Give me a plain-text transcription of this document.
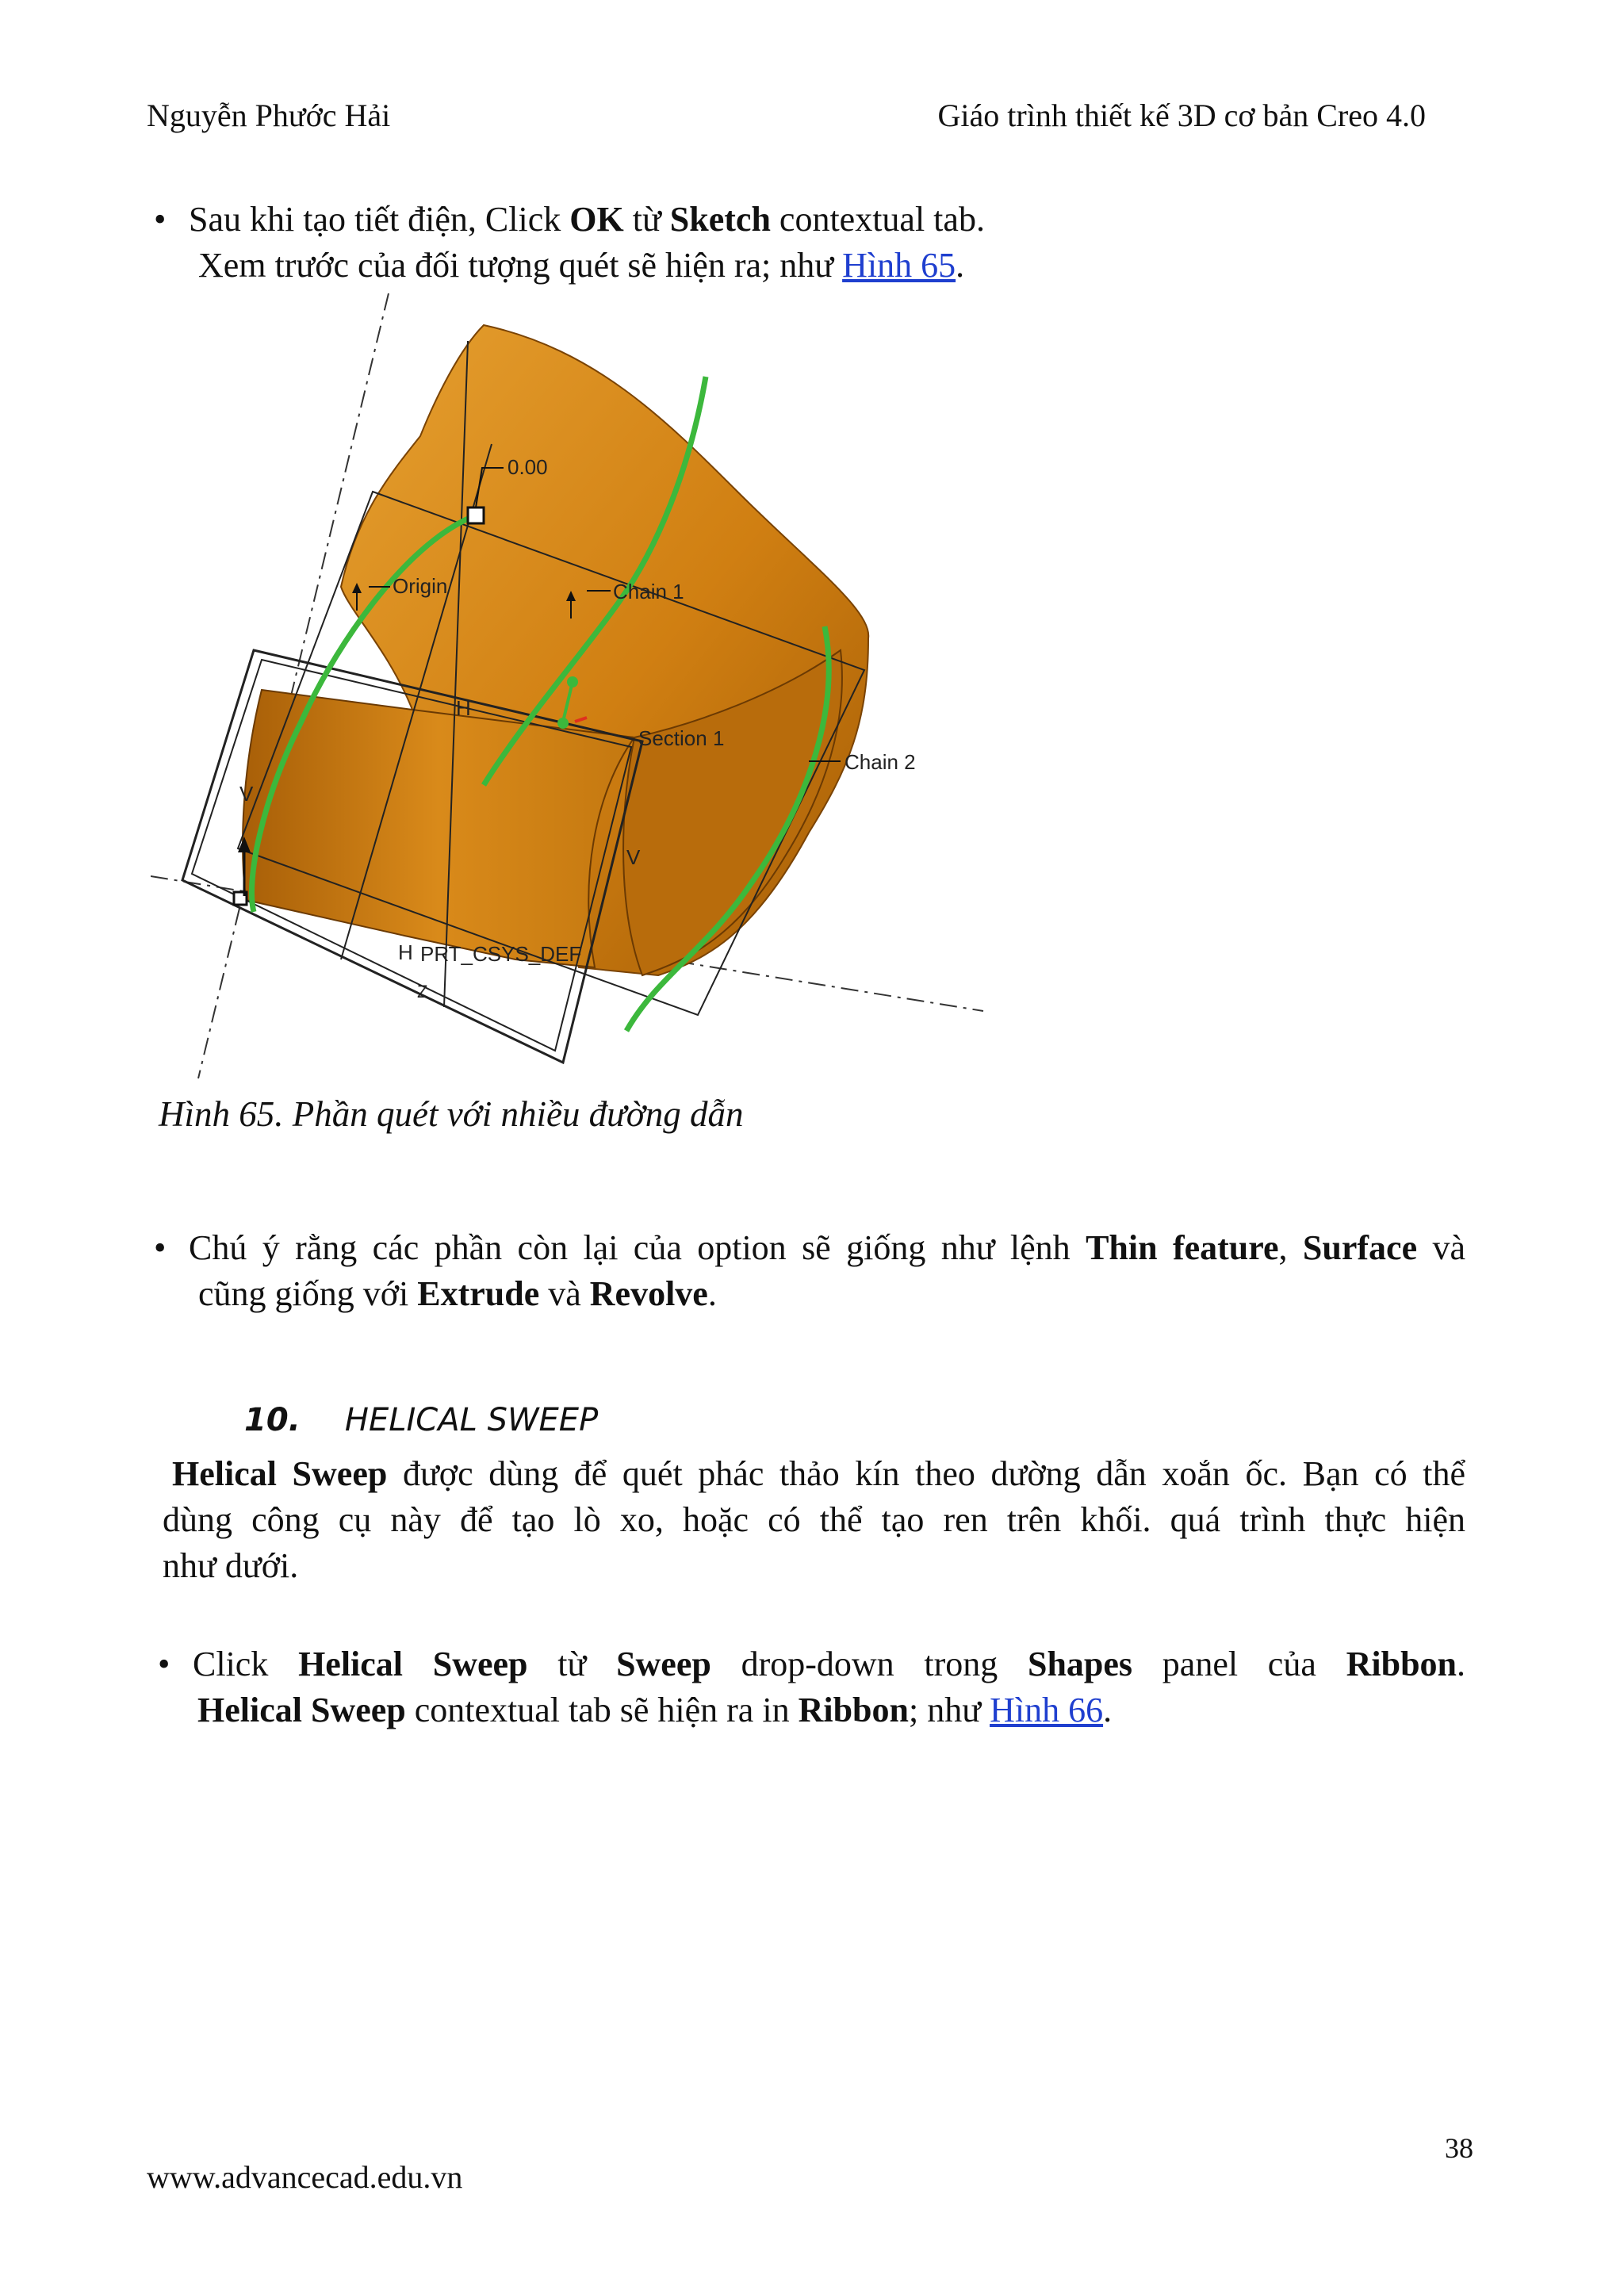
Nguyễn Phước Hải	Giáo trình thiết kế 3D cơ bản Creo 4.0
• Sau khi tạo tiết điện, Click OK từ Sketch contextual tab.
Xem trước của đối tượng quét sẽ hiện ra; như Hình 65.
0.00
Origin	Chain 1
Chain 2
Section 1
H
H
V
V
PRT_CSYS_DEF
Z
Hình 65. Phần quét với nhiều đường dẫn
• Chú ý rằng các phần còn lại của option sẽ giống như lệnh Thin feature, Surface và
cũng giống với Extrude và Revolve.
10. HELICAL SWEEP
Helical Sweep được dùng để quét phác thảo kín theo dường dẫn xoắn ốc. Bạn có thể
dùng công cụ này để tạo lò xo, hoặc có thể tạo ren trên khối. quá trình thực hiện
như dưới.
• Click Helical Sweep từ Sweep drop-down trong Shapes panel của Ribbon.
Helical Sweep contextual tab sẽ hiện ra in Ribbon; như Hình 66.
38
www.advancecad.edu.vn
